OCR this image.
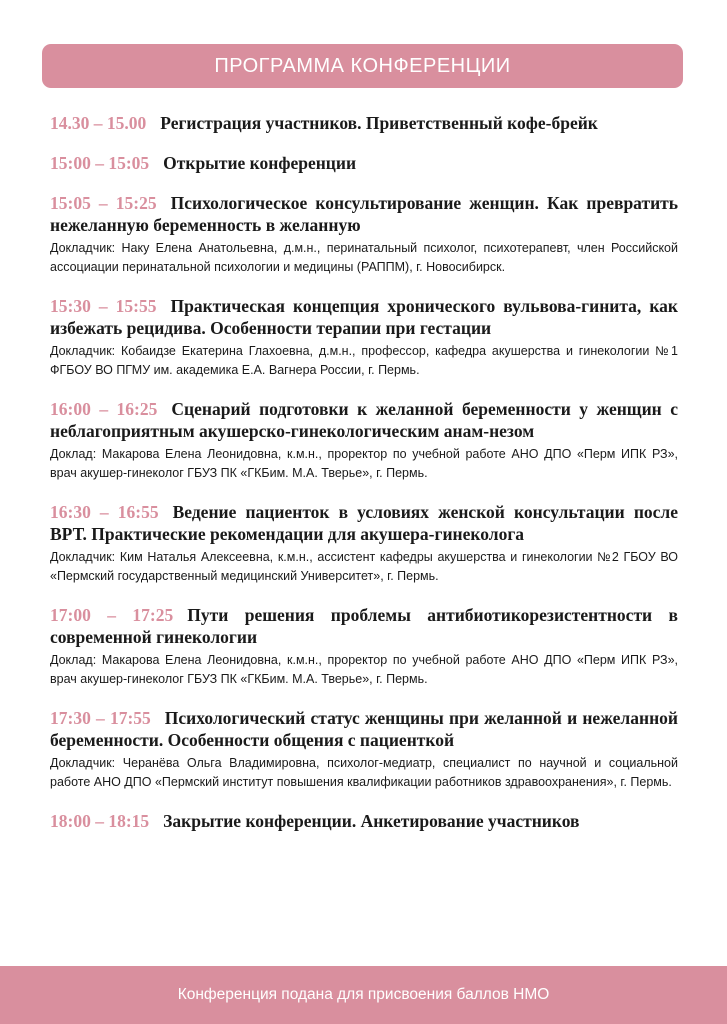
ПРОГРАММА КОНФЕРЕНЦИИ
14.30 – 15.00 Регистрация участников. Приветственный кофе-брейк
15:00 – 15:05 Открытие конференции
15:05 – 15:25 Психологическое консультирование женщин. Как превратить нежеланную беременность в желанную
Докладчик: Наку Елена Анатольевна, д.м.н., перинатальный психолог, психотерапевт, член Российской ассоциации перинатальной психологии и медицины (РАППМ), г. Новосибирск.
15:30 – 15:55 Практическая концепция хронического вульвова-гинита, как избежать рецидива. Особенности терапии при гестации
Докладчик: Кобаидзе Екатерина Глахоевна, д.м.н., профессор, кафедра акушерства и гинекологии №1 ФГБОУ ВО ПГМУ им. академика Е.А. Вагнера России, г. Пермь.
16:00 – 16:25 Сценарий подготовки к желанной беременности у женщин с неблагоприятным акушерско-гинекологическим анам-незом
Доклад: Макарова Елена Леонидовна, к.м.н., проректор по учебной работе АНО ДПО «Перм ИПК РЗ», врач акушер-гинеколог ГБУЗ ПК «ГКБим. М.А. Тверье», г. Пермь.
16:30 – 16:55 Ведение пациенток в условиях женской консультации после ВРТ. Практические рекомендации для акушера-гинеколога
Докладчик: Ким Наталья Алексеевна, к.м.н., ассистент кафедры акушерства и гинекологии №2 ГБОУ ВО «Пермский государственный медицинский Университет», г. Пермь.
17:00 – 17:25 Пути решения проблемы антибиотикорезистентности в современной гинекологии
Доклад: Макарова Елена Леонидовна, к.м.н., проректор по учебной работе АНО ДПО «Перм ИПК РЗ», врач акушер-гинеколог ГБУЗ ПК «ГКБим. М.А. Тверье», г. Пермь.
17:30 – 17:55 Психологический статус женщины при желанной и нежеланной беременности. Особенности общения с пациенткой
Докладчик: Черанёва Ольга Владимировна, психолог-медиатр, специалист по научной и социальной работе АНО ДПО «Пермский институт повышения квалификации работников здравоохранения», г. Пермь.
18:00 – 18:15 Закрытие конференции. Анкетирование участников
Конференция подана для присвоения баллов НМО
